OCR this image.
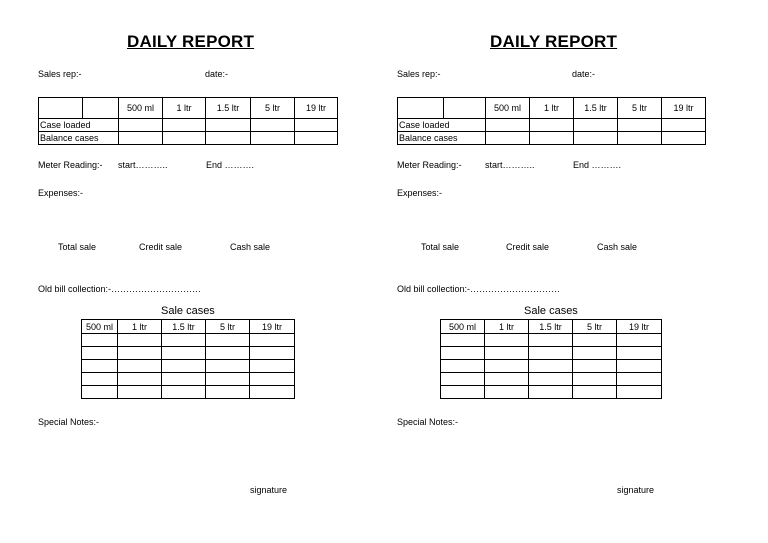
DAILY REPORT
Sales rep:-	date:-
		500 ml	1 ltr	1.5 ltr	5 ltr	19 ltr
Case loaded						
Balance cases						
Meter Reading:- start………..	End ……….
Expenses:-
Total sale	Credit sale	Cash sale
Old bill collection:-…………………………
Sale cases
500 ml	1 ltr	1.5 ltr	5 ltr	19 ltr

Special Notes:-
signature
DAILY REPORT
Sales rep:-	date:-
		500 ml	1 ltr	1.5 ltr	5 ltr	19 ltr
Case loaded						
Balance cases						
Meter Reading:-	start………..	End ……….
Expenses:-
Total sale	Credit sale	Cash sale
Old bill collection:-…………………………
Sale cases
500 ml	1 ltr	1.5 ltr	5 ltr	19 ltr

Special Notes:-
signature
